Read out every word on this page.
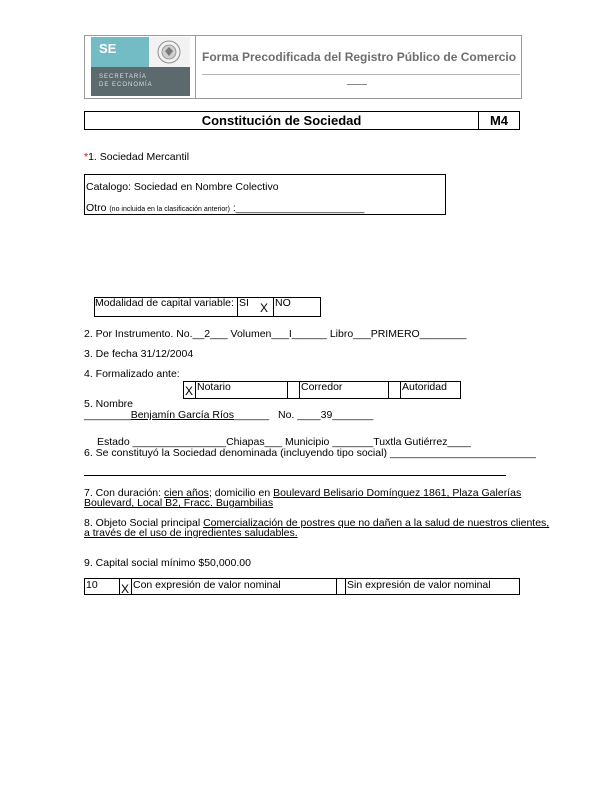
SE
SECRETARÍA
DE ECONOMÍA
Forma Precodificada del Registro Público de Comercio
Constitución de Sociedad	M4
*1. Sociedad Mercantil
Catalogo: Sociedad en Nombre Colectivo
Otro (no incluida en la clasificación anterior) :______________________
Modalidad de capital variable: SI X NO
2. Por Instrumento. No.__2___ Volumen___I______ Libro___PRIMERO________
3. De fecha 31/12/2004
4. Formalizado ante:
X Notario	Corredor	Autoridad
5. Nombre
________Benjamín García Ríos______ No. ____39_______
Estado ________________Chiapas___ Municipio _______Tuxtla Gutiérrez____
6. Se constituyó la Sociedad denominada (incluyendo tipo social) _________________________
7. Con duración: cien años; domicilio en Boulevard Belisario Domínguez 1861, Plaza Galerías
Boulevard, Local B2, Fracc. Bugambilias
8. Objeto Social principal Comercialización de postres que no dañen a la salud de nuestros clientes,
a través de el uso de ingredientes saludables.
9. Capital social mínimo $50,000.00
10 X Con expresión de valor nominal	Sin expresión de valor nominal
